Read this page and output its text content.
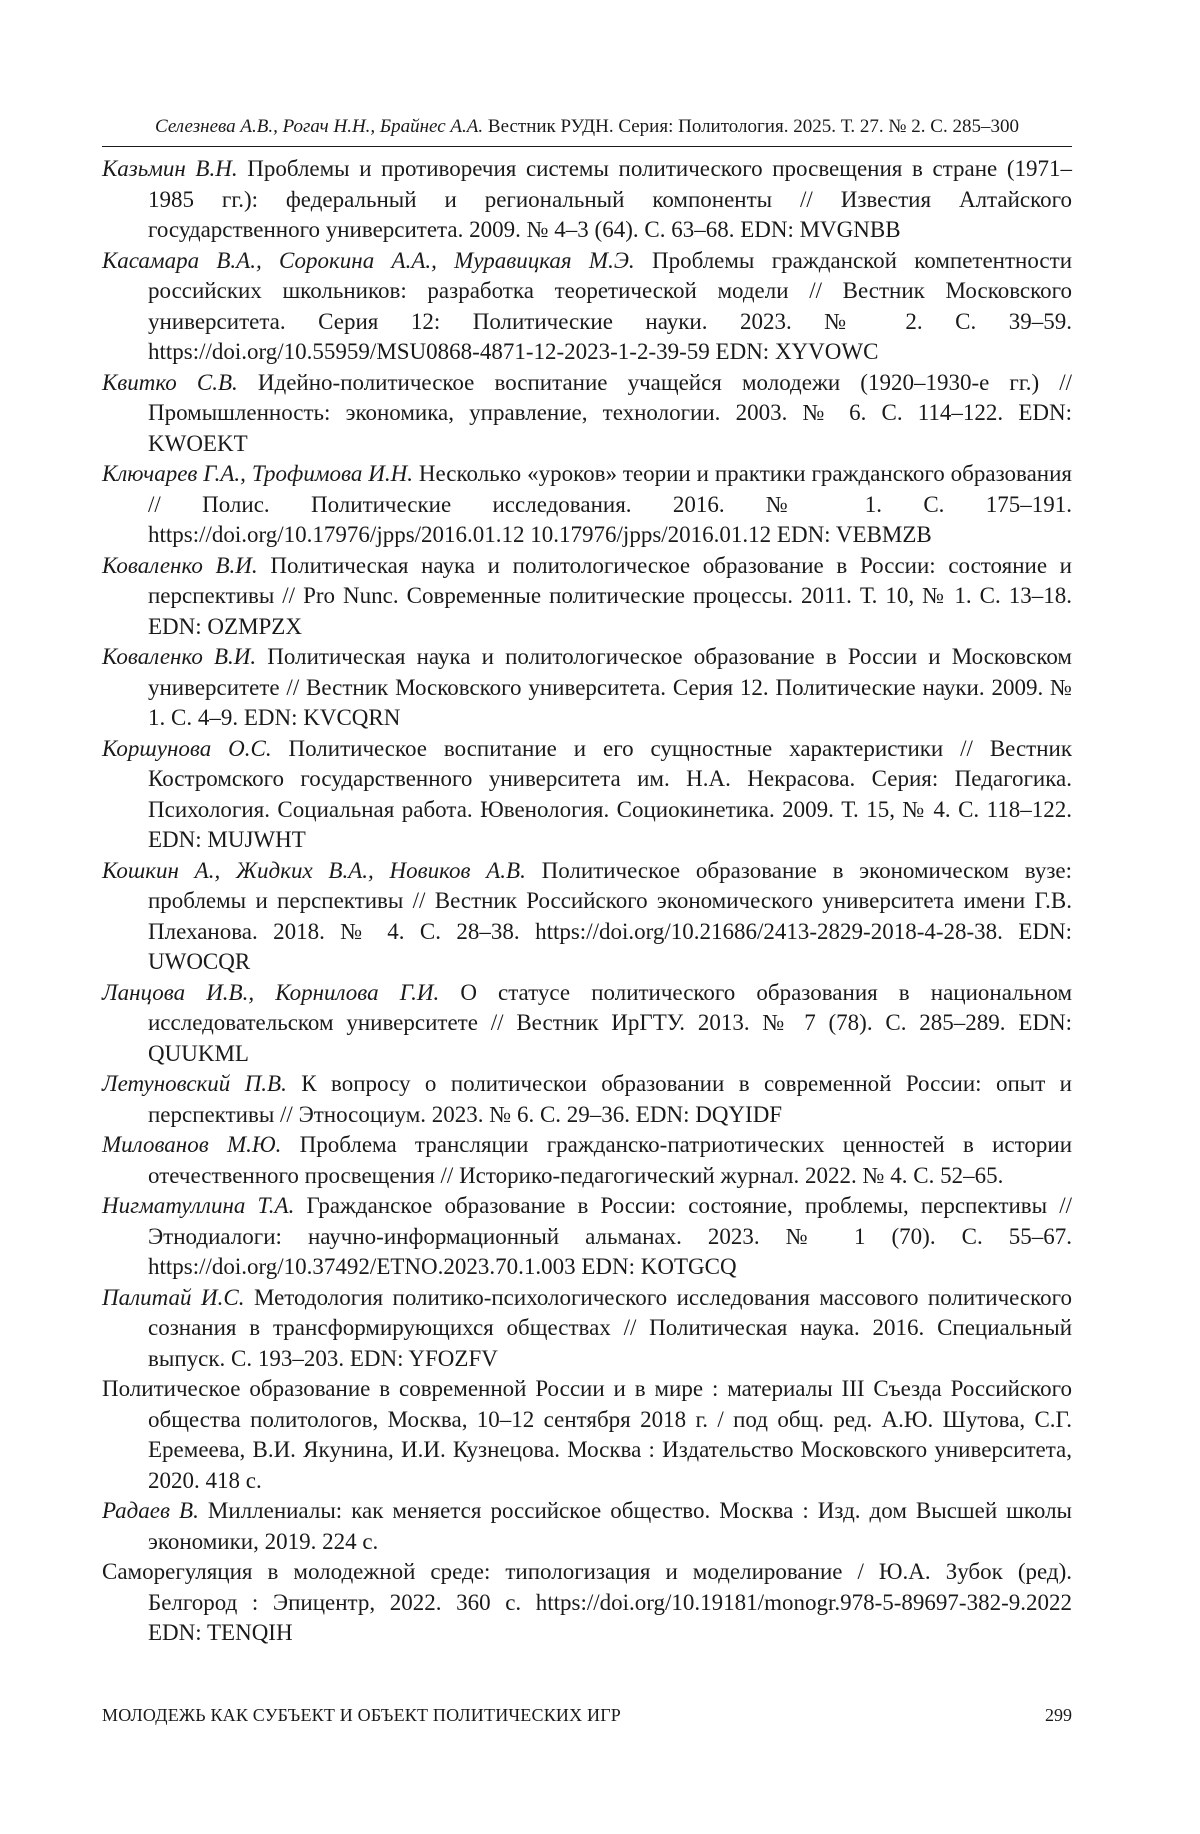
Селезнева А.В., Рогач Н.Н., Брайнес А.А. Вестник РУДН. Серия: Политология. 2025. Т. 27. № 2. С. 285–300
Казьмин В.Н. Проблемы и противоречия системы политического просвещения в стране (1971–1985 гг.): федеральный и региональный компоненты // Известия Алтайского государственного университета. 2009. № 4–3 (64). С. 63–68. EDN: MVGNBB
Касамара В.А., Сорокина А.А., Муравицкая М.Э. Проблемы гражданской компетентности российских школьников: разработка теоретической модели // Вестник Московского университета. Серия 12: Политические науки. 2023. № 2. С. 39–59. https://doi.org/10.55959/MSU0868-4871-12-2023-1-2-39-59 EDN: XYVOWC
Квитко С.В. Идейно-политическое воспитание учащейся молодежи (1920–1930-е гг.) // Промышленность: экономика, управление, технологии. 2003. № 6. С. 114–122. EDN: KWOEKT
Ключарев Г.А., Трофимова И.Н. Несколько «уроков» теории и практики гражданского образования // Полис. Политические исследования. 2016. № 1. С. 175–191. https://doi.org/10.17976/jpps/2016.01.12 10.17976/jpps/2016.01.12 EDN: VEBMZB
Коваленко В.И. Политическая наука и политологическое образование в России: состояние и перспективы // Pro Nunc. Современные политические процессы. 2011. Т. 10, № 1. С. 13–18. EDN: OZMPZX
Коваленко В.И. Политическая наука и политологическое образование в России и Московском университете // Вестник Московского университета. Серия 12. Политические науки. 2009. № 1. С. 4–9. EDN: KVCQRN
Коршунова О.С. Политическое воспитание и его сущностные характеристики // Вестник Костромского государственного университета им. Н.А. Некрасова. Серия: Педагогика. Психология. Социальная работа. Ювенология. Социокинетика. 2009. Т. 15, № 4. С. 118–122. EDN: MUJWHT
Кошкин А., Жидких В.А., Новиков А.В. Политическое образование в экономическом вузе: проблемы и перспективы // Вестник Российского экономического университета имени Г.В. Плеханова. 2018. № 4. С. 28–38. https://doi.org/10.21686/2413-2829-2018-4-28-38. EDN: UWOCQR
Ланцова И.В., Корнилова Г.И. О статусе политического образования в национальном исследовательском университете // Вестник ИрГТУ. 2013. № 7 (78). С. 285–289. EDN: QUUKML
Летуновский П.В. К вопросу о политическои образовании в современной России: опыт и перспективы // Этносоциум. 2023. № 6. С. 29–36. EDN: DQYIDF
Милованов М.Ю. Проблема трансляции гражданско-патриотических ценностей в истории отечественного просвещения // Историко-педагогический журнал. 2022. № 4. С. 52–65.
Нигматуллина Т.А. Гражданское образование в России: состояние, проблемы, перспективы // Этнодиалоги: научно-информационный альманах. 2023. № 1 (70). С. 55–67. https://doi.org/10.37492/ETNO.2023.70.1.003 EDN: KOTGCQ
Палитай И.С. Методология политико-психологического исследования массового политического сознания в трансформирующихся обществах // Политическая наука. 2016. Специальный выпуск. С. 193–203. EDN: YFOZFV
Политическое образование в современной России и в мире : материалы III Съезда Российского общества политологов, Москва, 10–12 сентября 2018 г. / под общ. ред. А.Ю. Шутова, С.Г. Еремеева, В.И. Якунина, И.И. Кузнецова. Москва : Издательство Московского университета, 2020. 418 с.
Радаев В. Миллениалы: как меняется российское общество. Москва : Изд. дом Высшей школы экономики, 2019. 224 с.
Саморегуляция в молодежной среде: типологизация и моделирование / Ю.А. Зубок (ред). Белгород : Эпицентр, 2022. 360 с. https://doi.org/10.19181/monogr.978-5-89697-382-9.2022 EDN: TENQIH
МОЛОДЕЖЬ КАК СУБЪЕКТ И ОБЪЕКТ ПОЛИТИЧЕСКИХ ИГР	299
